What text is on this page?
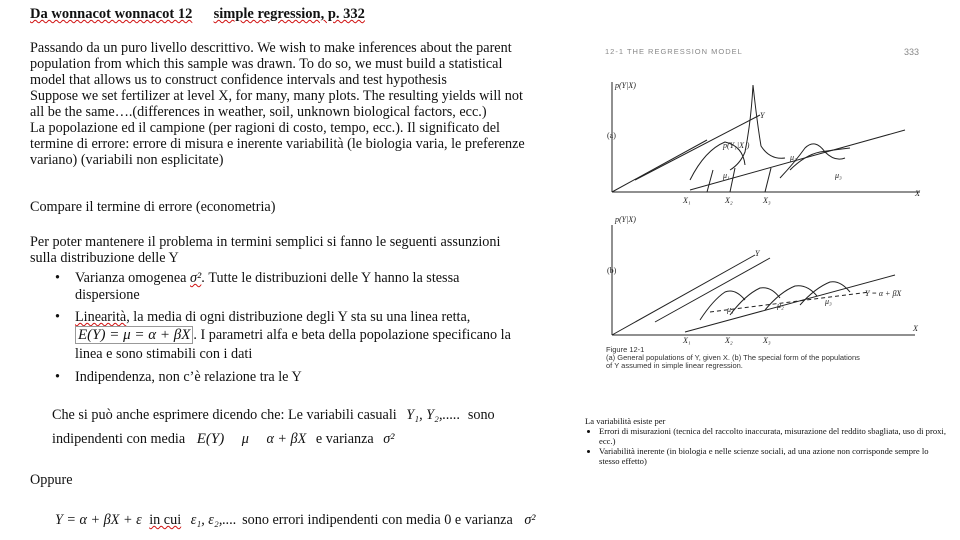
Da wonnacot wonnacot 12 simple regression, p. 332
Passando da un puro livello descrittivo. We wish to make inferences about the parent
population from which this sample was drawn. To do so, we must build a statistical
model that allows us to construct confidence intervals and test hypothesis
Suppose we set fertilizer at level X, for many, many plots. The resulting yields will not
all be the same….(differences in weather, soil, unknown biological factors, ecc.)
La popolazione ed il campione (per ragioni di costo, tempo, ecc.). Il significato del
termine di errore: errore di misura e inerente variabilità (le biologia varia, le preferenze
variano) (variabili non esplicitate)
Compare il termine di errore (econometria)
Per poter mantenere il problema in termini semplici si fanno le seguenti assunzioni
sulla distribuzione delle Y
• Varianza omogenea σ². Tutte le distribuzioni delle Y hanno la stessa
dispersione
• Linearità, la media di ogni distribuzione degli Y sta su una linea retta,
E(Y) = μ = α + βX . I parametri alfa e beta della popolazione specificano la
linea e sono stimabili con i dati
• Indipendenza, non c’è relazione tra le Y
Che si può anche esprimere dicendo che: Le variabili casuali Y₁, Y₂,..... sono
indipendenti con media E(Y) μ α + βX e varianza σ²
Oppure
Y = α + βX + ε in cui ε₁, ε₂,.... sono errori indipendenti con media 0 e varianza σ²
12-1 THE REGRESSION MODEL	333
p(Y|X)
(a)
Y
X
p(Y₁|X₁)
μ₁
μ₂
μ₃
X₁	X₂	X₃
p(Y|X)
(b)
Y
X
Y = α + βX
μ₁	μ₂	μ₃
X₁	X₂	X₃
Figure 12-1
(a) General populations of Y, given X. (b) The special form of the populations
of Y assumed in simple linear regression.
La variabilità esiste per
• Errori di misurazioni (tecnica del raccolto inaccurata, misurazione del reddito sbagliata, uso di proxi, ecc.)
• Variabilità inerente (in biologia e nelle scienze sociali, ad una azione non corrisponde sempre lo stesso effetto)
